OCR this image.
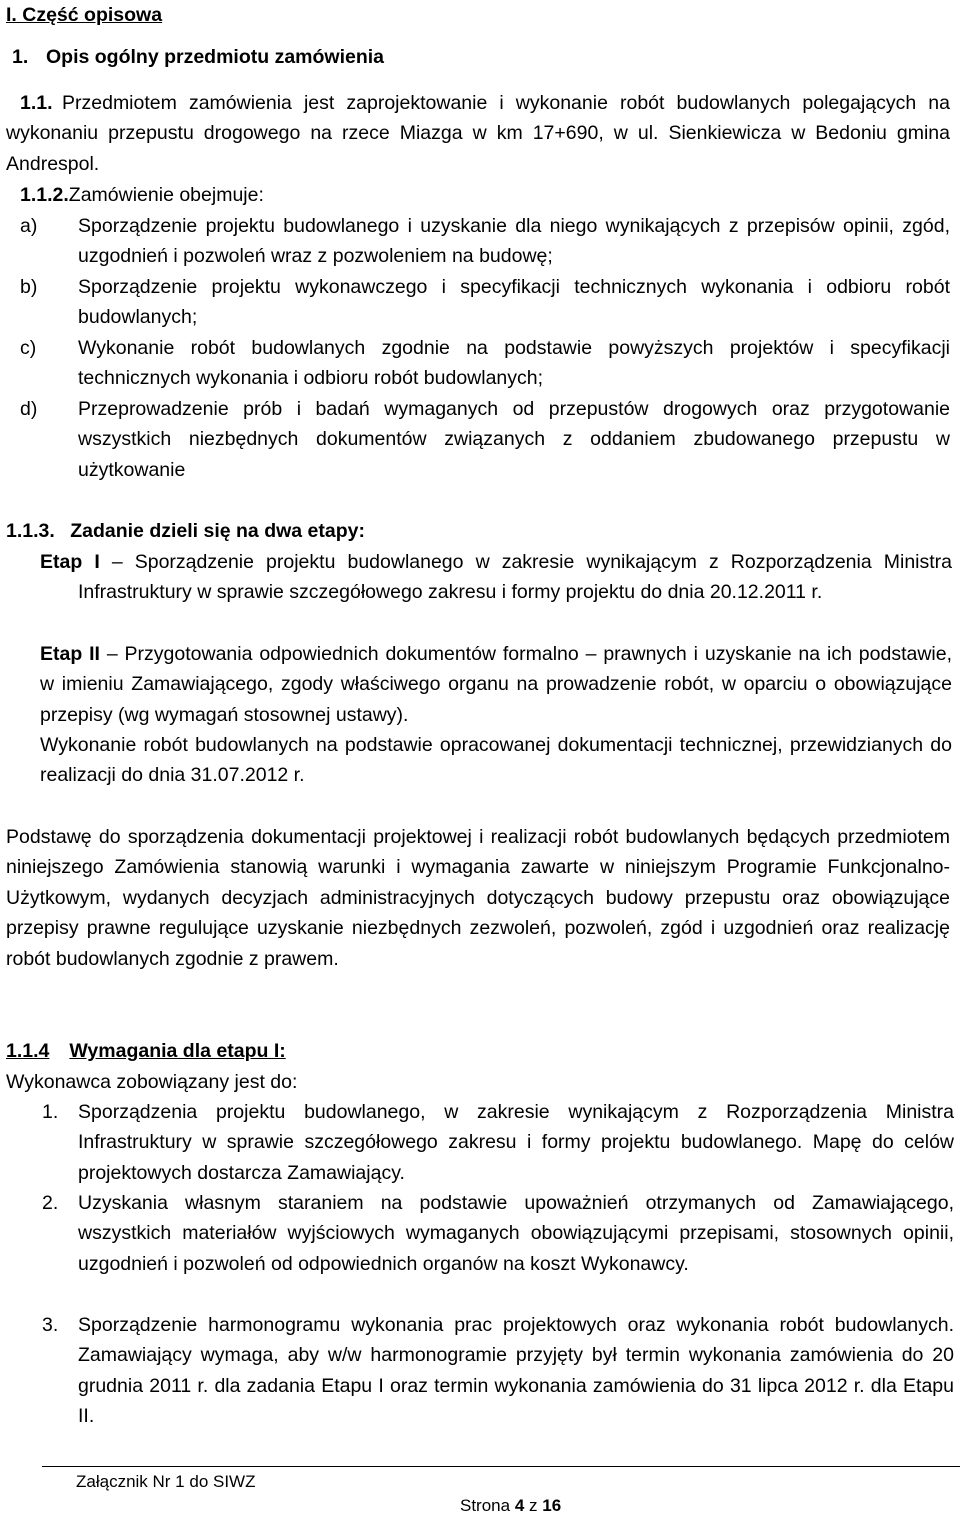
I. Część opisowa
1. Opis ogólny przedmiotu zamówienia
1.1. Przedmiotem zamówienia jest zaprojektowanie i wykonanie robót budowlanych polegających na wykonaniu przepustu drogowego na rzece Miazga w km 17+690, w ul. Sienkiewicza w Bedoniu gmina Andrespol.
1.1.2.Zamówienie obejmuje:
a) Sporządzenie projektu budowlanego i uzyskanie dla niego wynikających z przepisów opinii, zgód, uzgodnień i pozwoleń wraz z pozwoleniem na budowę;
b) Sporządzenie projektu wykonawczego i specyfikacji technicznych wykonania i odbioru robót budowlanych;
c) Wykonanie robót budowlanych zgodnie na podstawie powyższych projektów i specyfikacji technicznych wykonania i odbioru robót budowlanych;
d) Przeprowadzenie prób i badań wymaganych od przepustów drogowych oraz przygotowanie wszystkich niezbędnych dokumentów związanych z oddaniem zbudowanego przepustu w użytkowanie
1.1.3. Zadanie dzieli się na dwa etapy:
Etap I – Sporządzenie projektu budowlanego w zakresie wynikającym z Rozporządzenia Ministra Infrastruktury w sprawie szczegółowego zakresu i formy projektu do dnia 20.12.2011 r.
Etap II – Przygotowania odpowiednich dokumentów formalno – prawnych i uzyskanie na ich podstawie, w imieniu Zamawiającego, zgody właściwego organu na prowadzenie robót, w oparciu o obowiązujące przepisy (wg wymagań stosownej ustawy).
Wykonanie robót budowlanych na podstawie opracowanej dokumentacji technicznej, przewidzianych do realizacji do dnia 31.07.2012 r.
Podstawę do sporządzenia dokumentacji projektowej i realizacji robót budowlanych będących przedmiotem niniejszego Zamówienia stanowią warunki i wymagania zawarte w niniejszym Programie Funkcjonalno-Użytkowym, wydanych decyzjach administracyjnych dotyczących budowy przepustu oraz obowiązujące przepisy prawne regulujące uzyskanie niezbędnych zezwoleń, pozwoleń, zgód i uzgodnień oraz realizację robót budowlanych zgodnie z prawem.
1.1.4 Wymagania dla etapu I:
Wykonawca zobowiązany jest do:
1. Sporządzenia projektu budowlanego, w zakresie wynikającym z Rozporządzenia Ministra Infrastruktury w sprawie szczegółowego zakresu i formy projektu budowlanego. Mapę do celów projektowych dostarcza Zamawiający.
2. Uzyskania własnym staraniem na podstawie upoważnień otrzymanych od Zamawiającego, wszystkich materiałów wyjściowych wymaganych obowiązującymi przepisami, stosownych opinii, uzgodnień i pozwoleń od odpowiednich organów na koszt Wykonawcy.
3. Sporządzenie harmonogramu wykonania prac projektowych oraz wykonania robót budowlanych. Zamawiający wymaga, aby w/w harmonogramie przyjęty był termin wykonania zamówienia do 20 grudnia 2011 r. dla zadania Etapu I oraz termin wykonania zamówienia do 31 lipca 2012 r. dla Etapu II.
Załącznik Nr 1 do SIWZ
Strona 4 z 16
